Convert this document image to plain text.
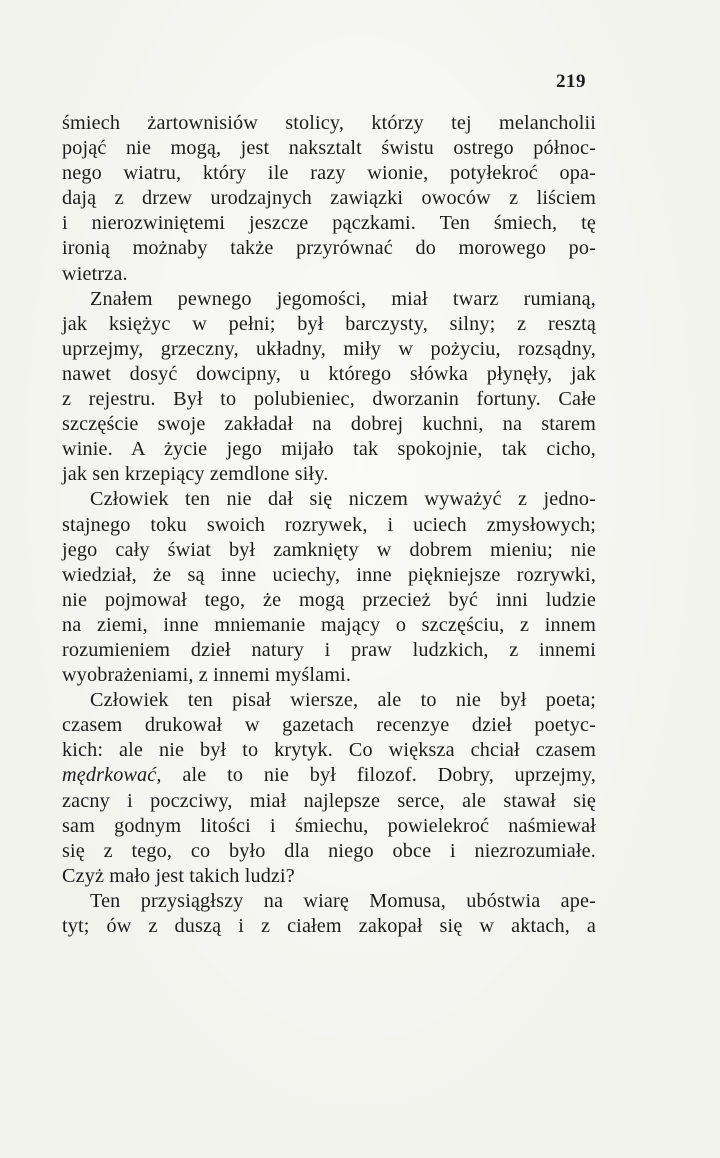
219

śmiech żartownisiów stolicy, którzy tej melancholii
pojąć nie mogą, jest naksztalt świstu ostrego północ-
nego wiatru, który ile razy wionie, potyłekroć opa-
dają z drzew urodzajnych zawiązki owoców z liściem
i nierozwiniętemi jeszcze pączkami. Ten śmiech, tę
ironią możnaby także przyrównać do morowego po-
wietrza.

Znałem pewnego jegomości, miał twarz rumianą,
jak księżyc w pełni; był barczysty, silny; z resztą
uprzejmy, grzeczny, układny, miły w pożyciu, rozsądny,
nawet dosyć dowcipny, u którego słówka płynęły, jak
z rejestru. Był to polubieniec, dworzanin fortuny. Całe
szczęście swoje zakładał na dobrej kuchni, na starem
winie. A życie jego mijało tak spokojnie, tak cicho,
jak sen krzepiący zemdlone siły.

Człowiek ten nie dał się niczem wyważyć z jedno-
stajnego toku swoich rozrywek, i uciech zmysłowych;
jego cały świat był zamknięty w dobrem mieniu; nie
wiedział, że są inne uciechy, inne piękniejsze rozrywki,
nie pojmował tego, że mogą przecież być inni ludzie
na ziemi, inne mniemanie mający o szczęściu, z innem
rozumieniem dzieł natury i praw ludzkich, z innemi
wyobrażeniami, z innemi myślami.

Człowiek ten pisał wiersze, ale to nie był poeta;
czasem drukował w gazetach recenzye dzieł poetyc-
kich: ale nie był to krytyk. Co większa chciał czasem
mędrkować, ale to nie był filozof. Dobry, uprzejmy,
zacny i poczciwy, miał najlepsze serce, ale stawał się
sam godnym litości i śmiechu, powielekroć naśmiewał
się z tego, co było dla niego obce i niezrozumiałe.
Czyż mało jest takich ludzi?

Ten przysiągłszy na wiarę Momusa, ubóstwia ape-
tyt; ów z duszą i z ciałem zakopał się w aktach, a
